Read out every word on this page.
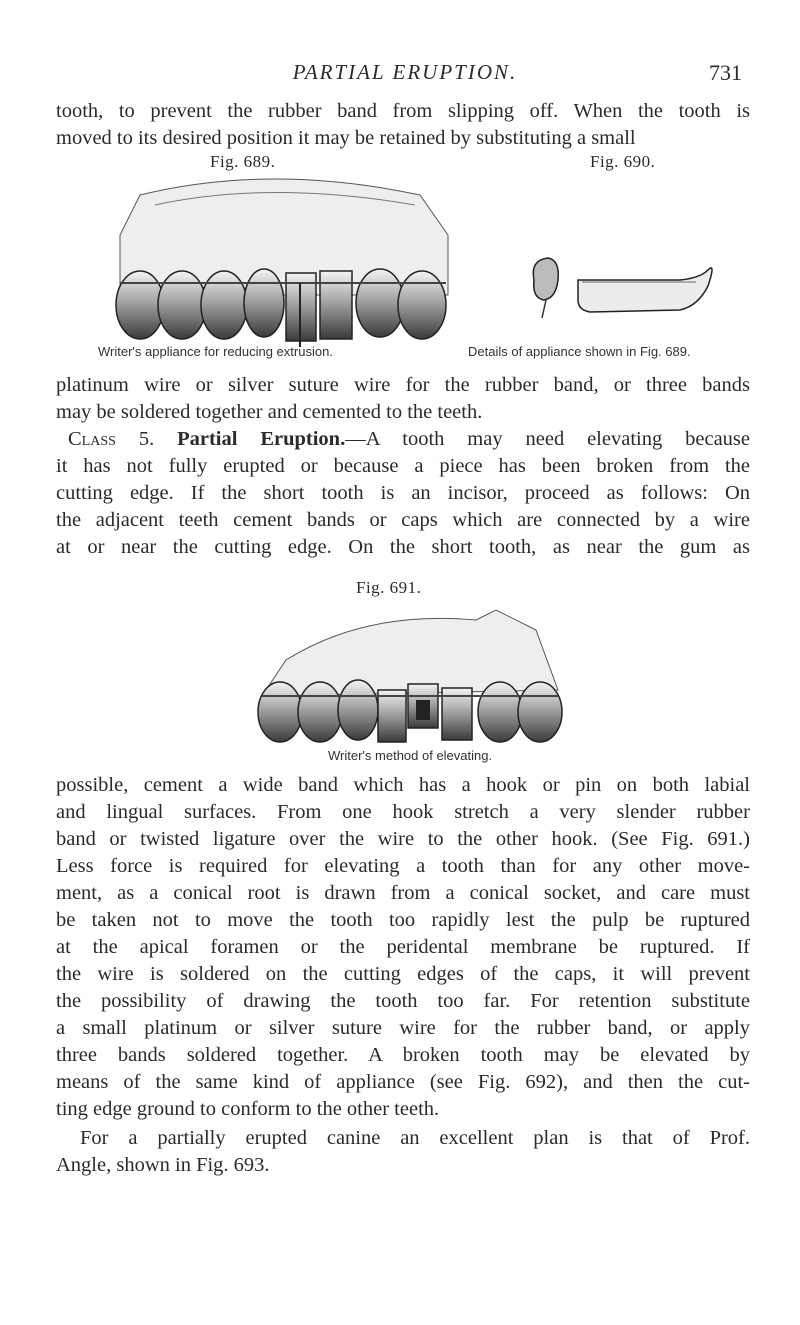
PARTIAL ERUPTION.	731

tooth, to prevent the rubber band from slipping off. When the tooth is
moved to its desired position it may be retained by substituting a small

Fig. 689.	Fig. 690.
Writer's appliance for reducing extrusion.	Details of appliance shown in Fig. 689.

platinum wire or silver suture wire for the rubber band, or three bands
may be soldered together and cemented to the teeth.
Class 5. Partial Eruption.—A tooth may need elevating because
it has not fully erupted or because a piece has been broken from the
cutting edge. If the short tooth is an incisor, proceed as follows: On
the adjacent teeth cement bands or caps which are connected by a wire
at or near the cutting edge. On the short tooth, as near the gum as

Fig. 691.
Writer's method of elevating.

possible, cement a wide band which has a hook or pin on both labial
and lingual surfaces. From one hook stretch a very slender rubber
band or twisted ligature over the wire to the other hook. (See Fig. 691.)
Less force is required for elevating a tooth than for any other move-
ment, as a conical root is drawn from a conical socket, and care must
be taken not to move the tooth too rapidly lest the pulp be ruptured
at the apical foramen or the peridental membrane be ruptured. If
the wire is soldered on the cutting edges of the caps, it will prevent
the possibility of drawing the tooth too far. For retention substitute
a small platinum or silver suture wire for the rubber band, or apply
three bands soldered together. A broken tooth may be elevated by
means of the same kind of appliance (see Fig. 692), and then the cut-
ting edge ground to conform to the other teeth.

For a partially erupted canine an excellent plan is that of Prof.
Angle, shown in Fig. 693.
